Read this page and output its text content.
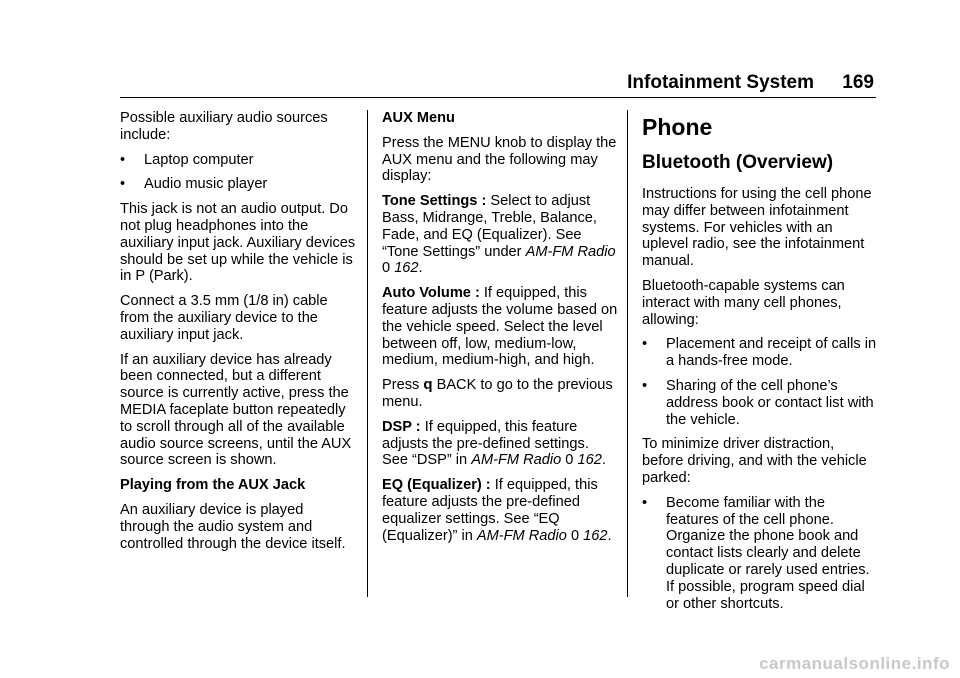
Infotainment System 169

Possible auxiliary audio sources include:

• Laptop computer
• Audio music player

This jack is not an audio output. Do not plug headphones into the auxiliary input jack. Auxiliary devices should be set up while the vehicle is in P (Park).

Connect a 3.5 mm (1/8 in) cable from the auxiliary device to the auxiliary input jack.

If an auxiliary device has already been connected, but a different source is currently active, press the MEDIA faceplate button repeatedly to scroll through all of the available audio source screens, until the AUX source screen is shown.

Playing from the AUX Jack

An auxiliary device is played through the audio system and controlled through the device itself.

AUX Menu

Press the MENU knob to display the AUX menu and the following may display:

Tone Settings : Select to adjust Bass, Midrange, Treble, Balance, Fade, and EQ (Equalizer). See “Tone Settings” under AM-FM Radio 0 162.

Auto Volume : If equipped, this feature adjusts the volume based on the vehicle speed. Select the level between off, low, medium-low, medium, medium-high, and high.

Press q BACK to go to the previous menu.

DSP : If equipped, this feature adjusts the pre-defined settings. See “DSP” in AM-FM Radio 0 162.

EQ (Equalizer) : If equipped, this feature adjusts the pre-defined equalizer settings. See “EQ (Equalizer)” in AM-FM Radio 0 162.

Phone
Bluetooth (Overview)

Instructions for using the cell phone may differ between infotainment systems. For vehicles with an uplevel radio, see the infotainment manual.

Bluetooth-capable systems can interact with many cell phones, allowing:

• Placement and receipt of calls in a hands-free mode.
• Sharing of the cell phone’s address book or contact list with the vehicle.

To minimize driver distraction, before driving, and with the vehicle parked:

• Become familiar with the features of the cell phone. Organize the phone book and contact lists clearly and delete duplicate or rarely used entries. If possible, program speed dial or other shortcuts.
carmanualsonline.info
